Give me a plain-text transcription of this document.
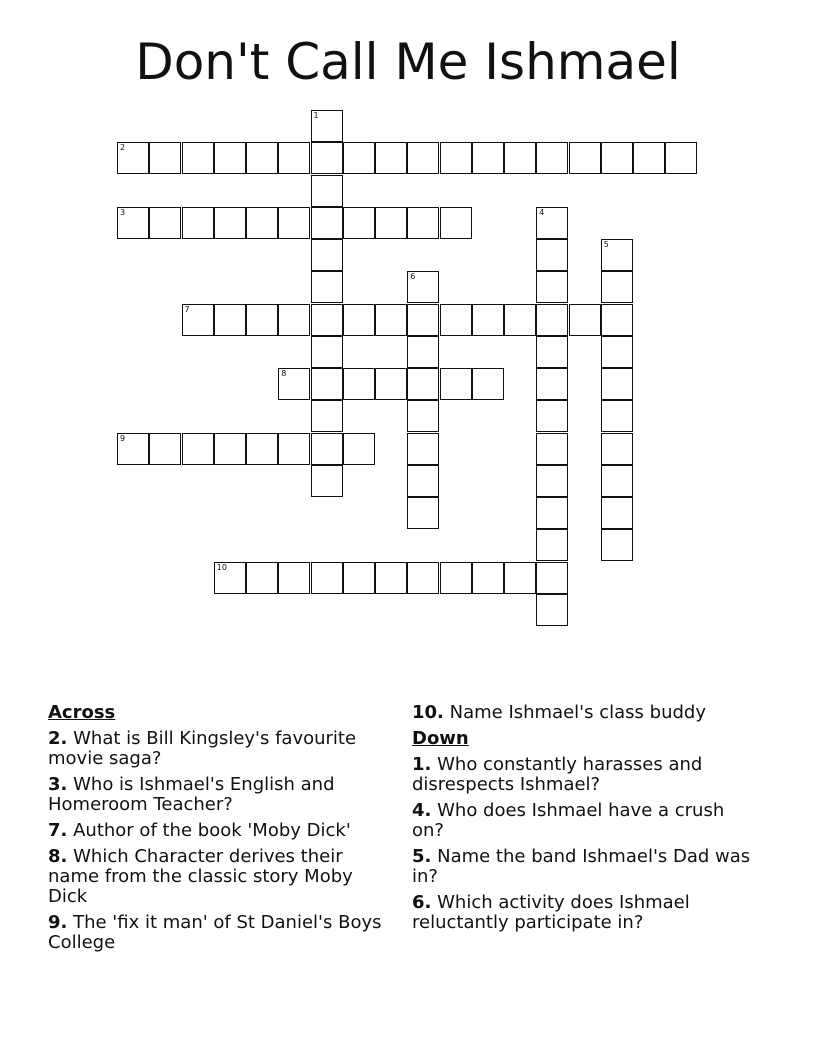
Don't Call Me Ishmael
1
2
3	4
5
6
7
8
9
10
Across
2. What is Bill Kingsley's favourite movie saga?
3. Who is Ishmael's English and Homeroom Teacher?
7. Author of the book 'Moby Dick'
8. Which Character derives their name from the classic story Moby Dick
9. The 'fix it man' of St Daniel's Boys College
10. Name Ishmael's class buddy
Down
1. Who constantly harasses and disrespects Ishmael?
4. Who does Ishmael have a crush on?
5. Name the band Ishmael's Dad was in?
6. Which activity does Ishmael reluctantly participate in?
